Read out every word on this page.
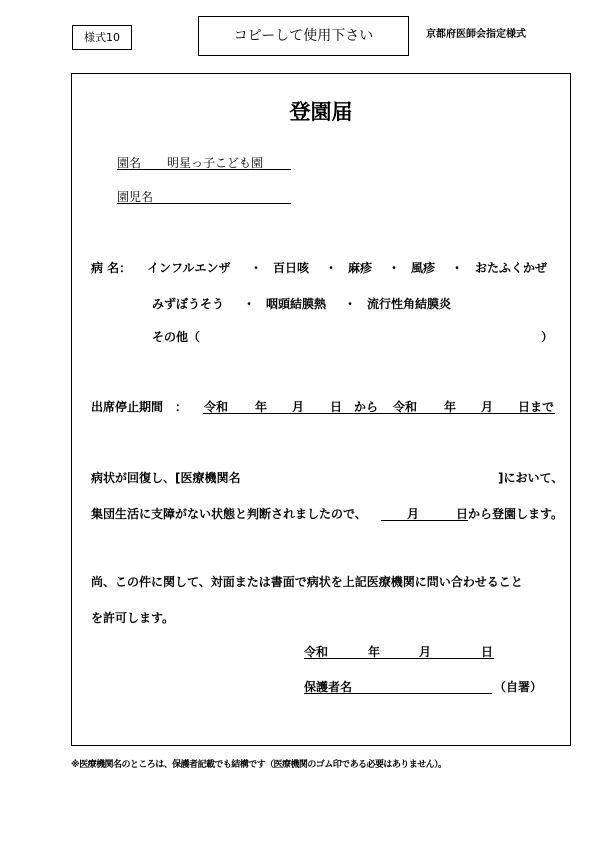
様式10	コピーして使用下さい	京都府医師会指定様式
登園届
園名 明星っ子こども園
園児名
病 名： インフルエンザ ・ 百日咳 ・ 麻疹 ・ 風疹 ・ おたふくかぜ
みずぼうそう ・ 咽頭結膜熱 ・ 流行性角結膜炎
その他（	）
出席停止期間　： 令和 年 月 日 から 令和 年 月 日まで
病状が回復し、[医療機関名	]において、
集団生活に支障がない状態と判断されましたので、	月	日から登園します。
尚、この件に関して、対面または書面で病状を上記医療機関に問い合わせること
を許可します。
令和	年	月	日
保護者名	（自署）
※医療機関名のところは、保護者記載でも結構です（医療機関のゴム印である必要はありません）。
